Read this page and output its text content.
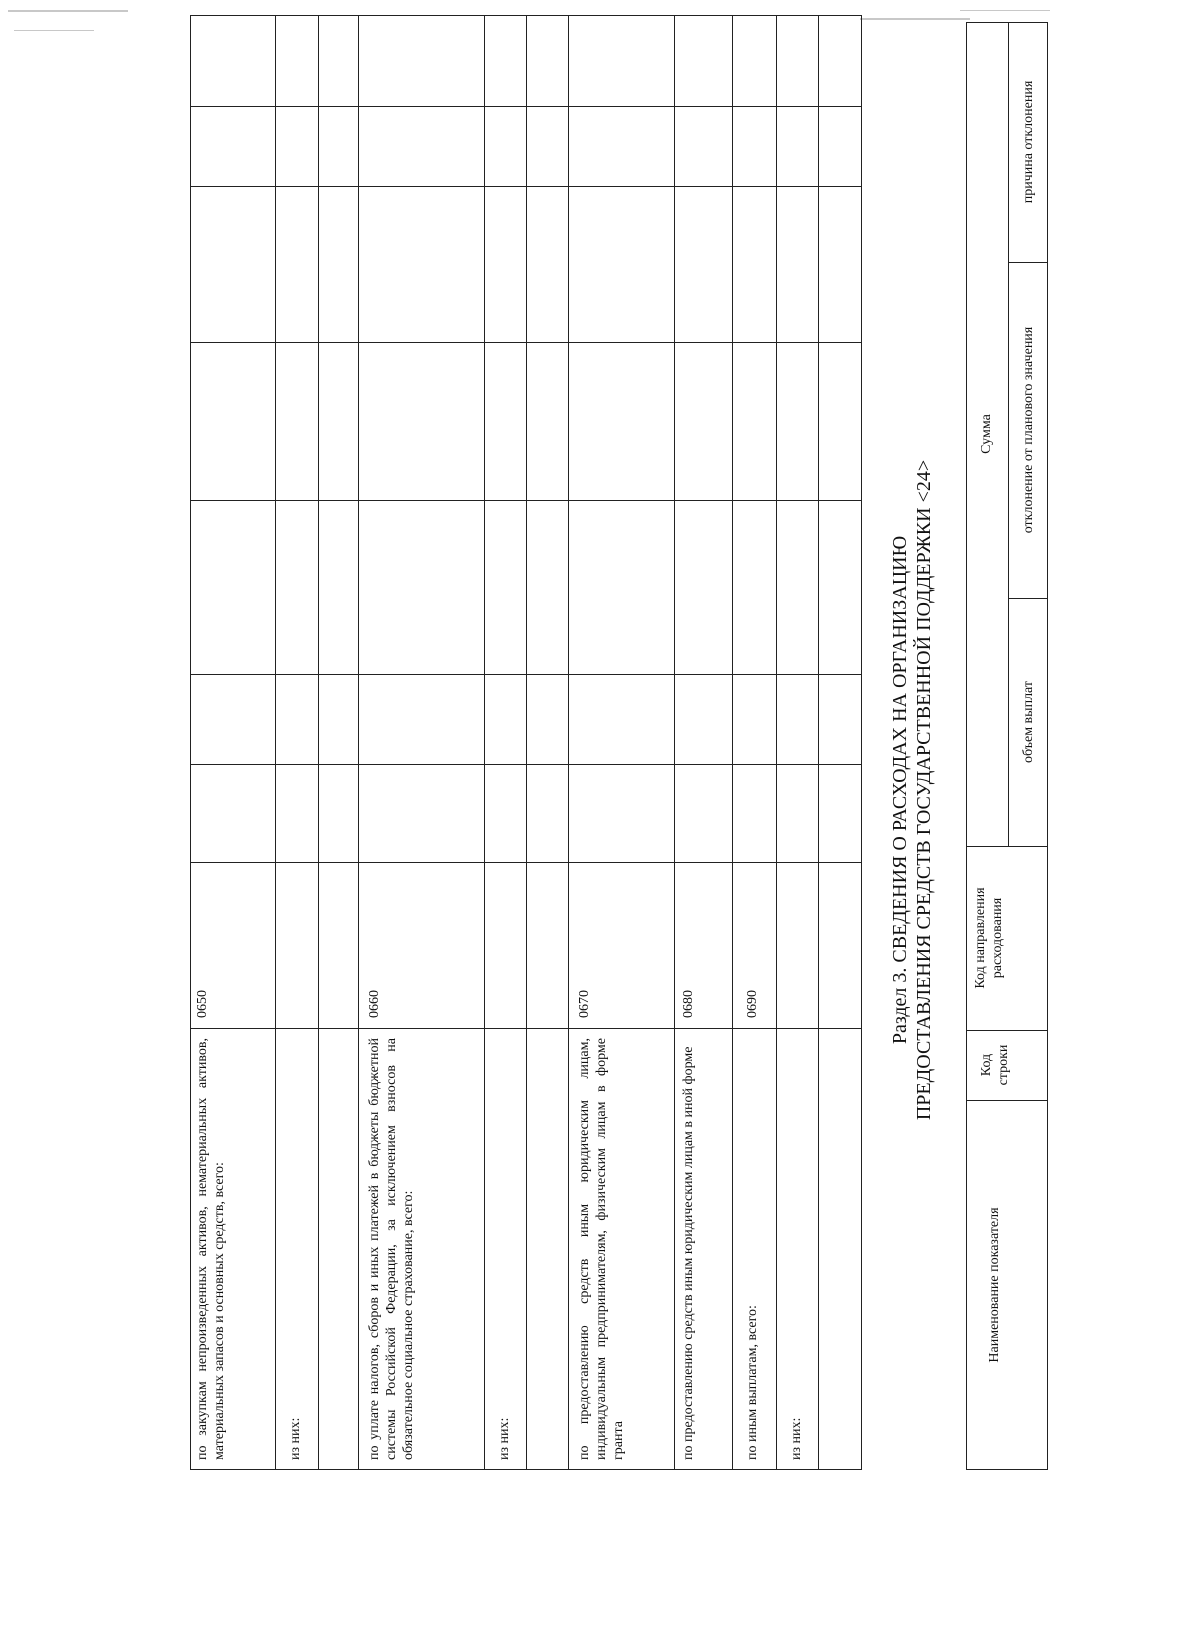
по закупкам непроизведенных активов, нематериальных активов, материальных запасов и основных средств, всего:
0650
из них:	по уплате налогов, сборов и иных платежей в бюджеты бюджетной системы Российской Федерации, за исключением взносов на обязательное социальное страхование, всего:
0660
из них:	по предоставлению средств иным юридическим лицам, индивидуальным предпринимателям, физическим лицам в форме гранта
0670
по предоставлению средств иным юридическим лицам в иной форме
0680
по иным выплатам, всего:
0690
из них:
Раздел 3. СВЕДЕНИЯ О РАСХОДАХ НА ОРГАНИЗАЦИЮ ПРЕДОСТАВЛЕНИЯ СРЕДСТВ ГОСУДАРСТВЕННОЙ ПОДДЕРЖКИ <24>
Наименование показателя
Код строки
Код направления расходования
Сумма
объем выплат
отклонение от планового значения
причина отклонения
